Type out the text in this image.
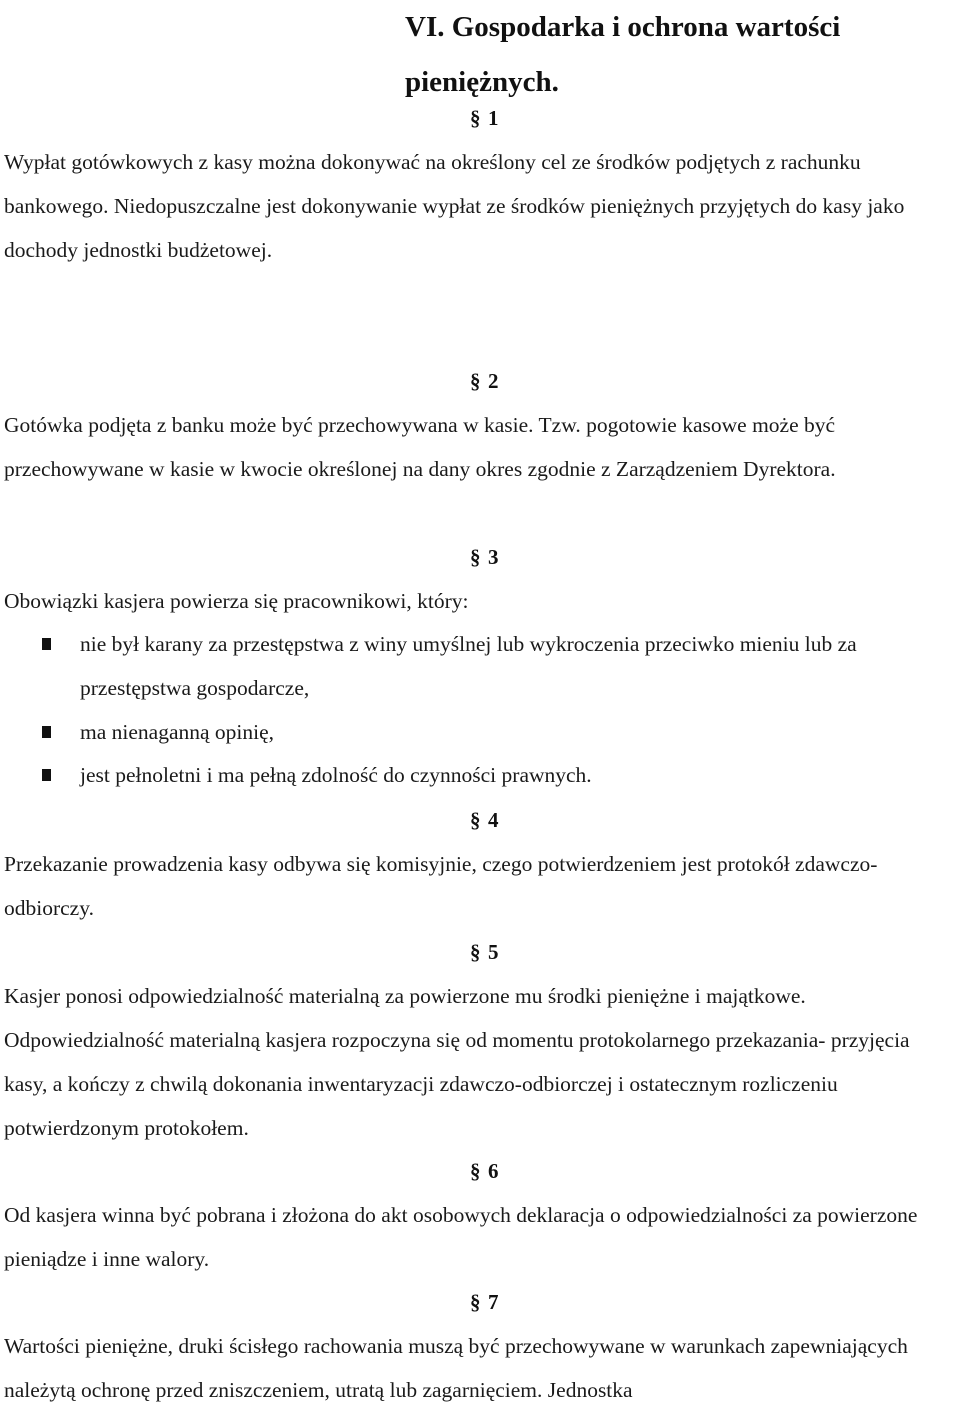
VI. Gospodarka i ochrona wartości
pieniężnych.
§ 1

Wypłat gotówkowych z kasy można dokonywać na określony cel ze środków podjętych z rachunku bankowego. Niedopuszczalne jest dokonywanie wypłat ze środków pieniężnych przyjętych do kasy jako dochody jednostki budżetowej.

§ 2

Gotówka podjęta z banku może być przechowywana w kasie. Tzw. pogotowie kasowe może być przechowywane w kasie w kwocie określonej na dany okres zgodnie z Zarządzeniem Dyrektora.

§ 3

Obowiązki kasjera powierza się pracownikowi, który:

nie był karany za przestępstwa z winy umyślnej lub wykroczenia przeciwko mieniu lub za przestępstwa gospodarcze,

ma nienaganną opinię,

jest pełnoletni i ma pełną zdolność do czynności prawnych.

§ 4

Przekazanie prowadzenia kasy odbywa się komisyjnie, czego potwierdzeniem jest protokół zdawczo- odbiorczy.

§ 5

Kasjer ponosi odpowiedzialność materialną za powierzone mu środki pieniężne i majątkowe. Odpowiedzialność materialną kasjera rozpoczyna się od momentu protokolarnego przekazania- przyjęcia kasy, a kończy z chwilą dokonania inwentaryzacji zdawczo-odbiorczej i ostatecznym rozliczeniu potwierdzonym protokołem.

§ 6

Od kasjera winna być pobrana i złożona do akt osobowych deklaracja o odpowiedzialności za powierzone pieniądze i inne walory.

§ 7

Wartości pieniężne, druki ścisłego rachowania muszą być przechowywane w warunkach zapewniających należytą ochronę przed zniszczeniem, utratą lub zagarnięciem. Jednostka
